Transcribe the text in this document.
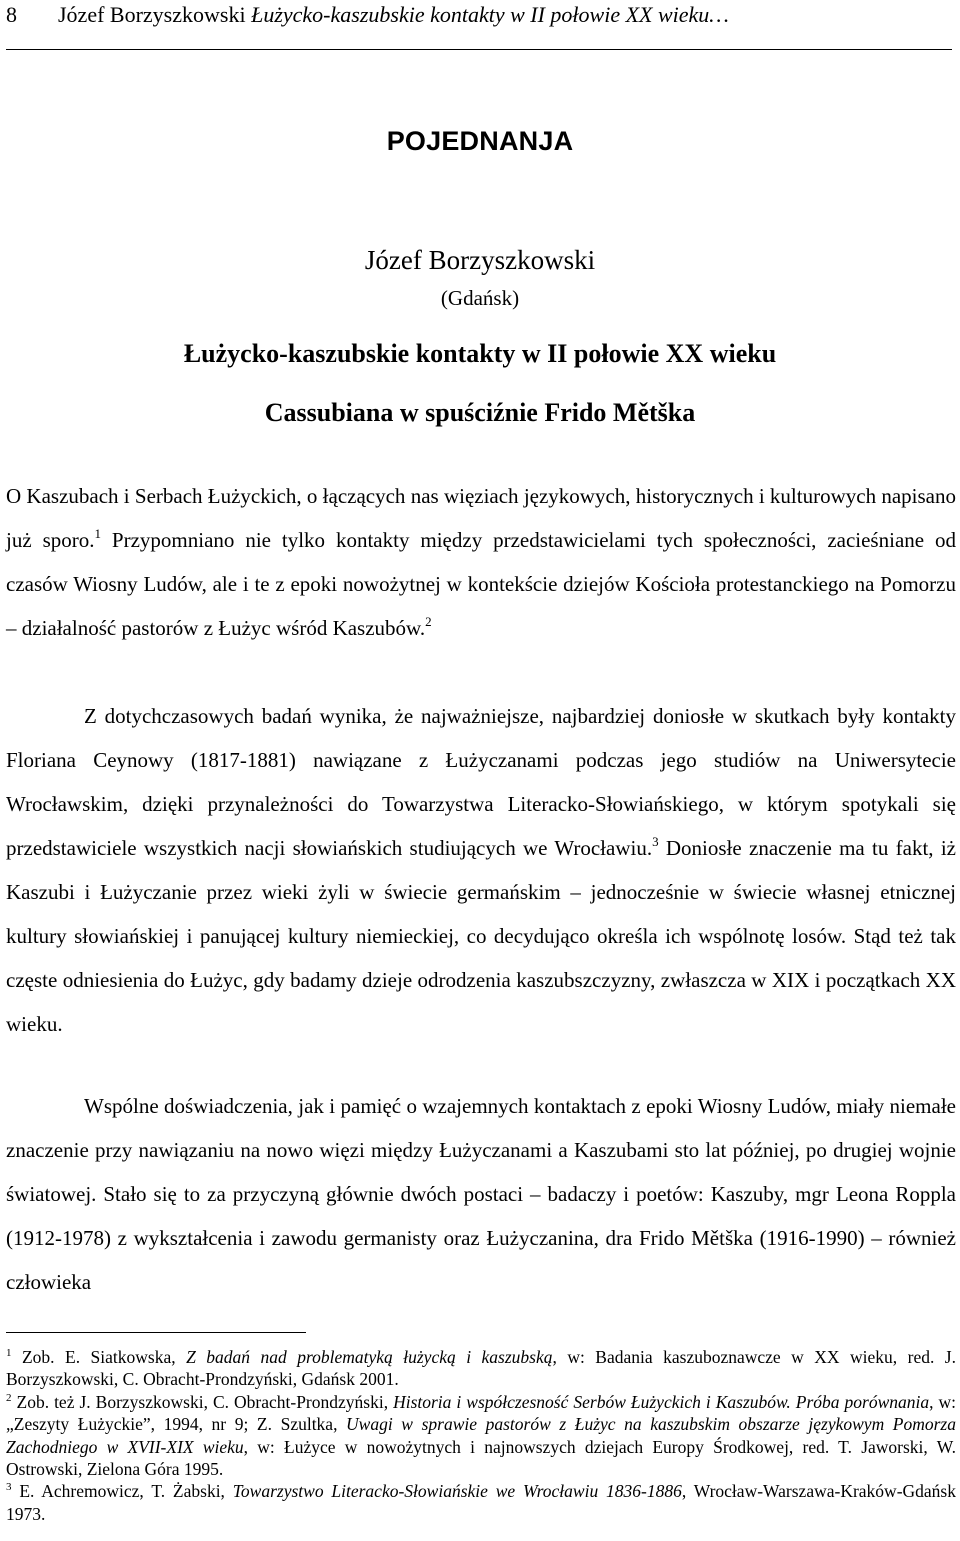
8 Józef Borzyszkowski Łużycko-kaszubskie kontakty w II połowie XX wieku…
POJEDNANJA
Józef Borzyszkowski
(Gdańsk)
Łużycko-kaszubskie kontakty w II połowie XX wieku
Cassubiana w spuściźnie Frido Mětška

O Kaszubach i Serbach Łużyckich, o łączących nas więziach językowych, historycznych i kulturowych napisano już sporo.$^1$ Przypomniano nie tylko kontakty między przedstawicielami tych społeczności, zacieśniane od czasów Wiosny Ludów, ale i te z epoki nowożytnej w kontekście dziejów Kościoła protestanckiego na Pomorzu – działalność pastorów z Łużyc wśród Kaszubów.$^2$

Z dotychczasowych badań wynika, że najważniejsze, najbardziej doniosłe w skutkach były kontakty Floriana Ceynowy (1817-1881) nawiązane z Łużyczanami podczas jego studiów na Uniwersytecie Wrocławskim, dzięki przynależności do Towarzystwa Literacko-Słowiańskiego, w którym spotykali się przedstawiciele wszystkich nacji słowiańskich studiujących we Wrocławiu.$^3$ Doniosłe znaczenie ma tu fakt, iż Kaszubi i Łużyczanie przez wieki żyli w świecie germańskim – jednocześnie w świecie własnej etnicznej kultury słowiańskiej i panującej kultury niemieckiej, co decydująco określa ich wspólnotę losów. Stąd też tak częste odniesienia do Łużyc, gdy badamy dzieje odrodzenia kaszubszczyzny, zwłaszcza w XIX i początkach XX wieku.

Wspólne doświadczenia, jak i pamięć o wzajemnych kontaktach z epoki Wiosny Ludów, miały niemałe znaczenie przy nawiązaniu na nowo więzi między Łużyczanami a Kaszubami sto lat później, po drugiej wojnie światowej. Stało się to za przyczyną głównie dwóch postaci – badaczy i poetów: Kaszuby, mgr Leona Roppla (1912-1978) z wykształcenia i zawodu germanisty oraz Łużyczanina, dra Frido Mětška (1916-1990) – również człowieka

$^1$ Zob. E. Siatkowska, Z badań nad problematyką łużycką i kaszubską, w: Badania kaszuboznawcze w XX wieku, red. J. Borzyszkowski, C. Obracht-Prondzyński, Gdańsk 2001.

$^2$ Zob. też J. Borzyszkowski, C. Obracht-Prondzyński, Historia i współczesność Serbów Łużyckich i Kaszubów. Próba porównania, w: „Zeszyty Łużyckie”, 1994, nr 9; Z. Szultka, Uwagi w sprawie pastorów z Łużyc na kaszubskim obszarze językowym Pomorza Zachodniego w XVII-XIX wieku, w: Łużyce w nowożytnych i najnowszych dziejach Europy Środkowej, red. T. Jaworski, W. Ostrowski, Zielona Góra 1995.

$^3$ E. Achremowicz, T. Żabski, Towarzystwo Literacko-Słowiańskie we Wrocławiu 1836-1886, Wrocław-Warszawa-Kraków-Gdańsk 1973.
